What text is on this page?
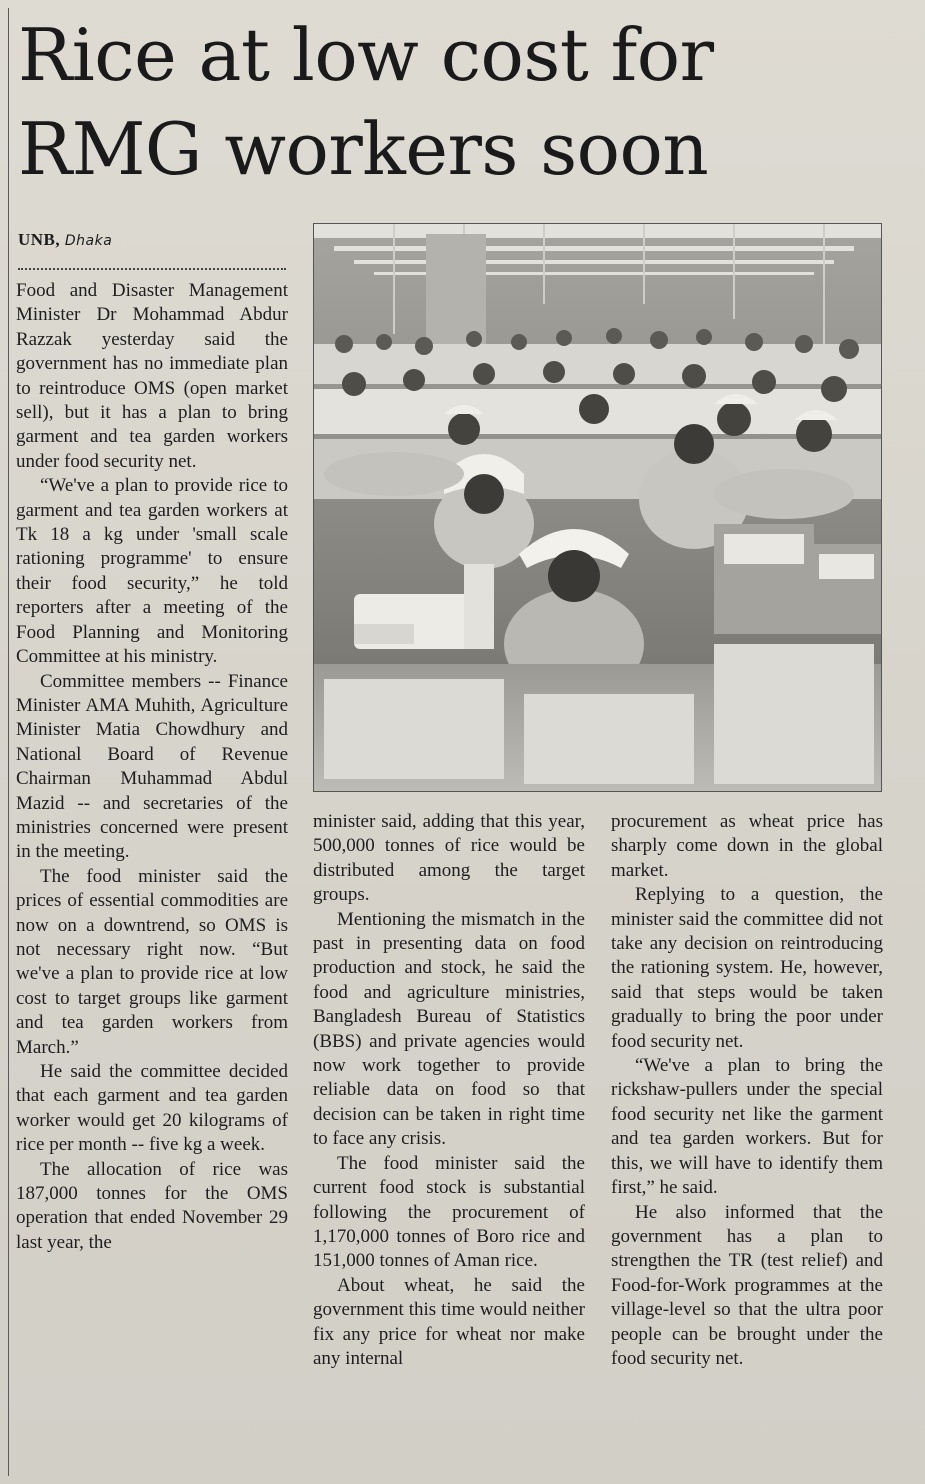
Rice at low cost for
RMG workers soon
UNB, Dhaka

Food and Disaster Management Minister Dr Mohammad Abdur Razzak yesterday said the government has no immediate plan to reintroduce OMS (open market sell), but it has a plan to bring garment and tea garden workers under food security net.

“We've a plan to provide rice to garment and tea garden workers at Tk 18 a kg under 'small scale rationing programme' to ensure their food security,” he told reporters after a meeting of the Food Planning and Monitoring Committee at his ministry.

Committee members -- Finance Minister AMA Muhith, Agriculture Minister Matia Chowdhury and National Board of Revenue Chairman Muhammad Abdul Mazid -- and secretaries of the ministries concerned were present in the meeting.

The food minister said the prices of essential commodities are now on a downtrend, so OMS is not necessary right now. “But we've a plan to provide rice at low cost to target groups like garment and tea garden workers from March.”

He said the committee decided that each garment and tea garden worker would get 20 kilograms of rice per month -- five kg a week.

The allocation of rice was 187,000 tonnes for the OMS operation that ended November 29 last year, the

minister said, adding that this year, 500,000 tonnes of rice would be distributed among the target groups.

Mentioning the mismatch in the past in presenting data on food production and stock, he said the food and agriculture ministries, Bangladesh Bureau of Statistics (BBS) and private agencies would now work together to provide reliable data on food so that decision can be taken in right time to face any crisis.

The food minister said the current food stock is substantial following the procurement of 1,170,000 tonnes of Boro rice and 151,000 tonnes of Aman rice.

About wheat, he said the government this time would neither fix any price for wheat nor make any internal

procurement as wheat price has sharply come down in the global market.

Replying to a question, the minister said the committee did not take any decision on reintroducing the rationing system. He, however, said that steps would be taken gradually to bring the poor under food security net.

“We've a plan to bring the rickshaw-pullers under the special food security net like the garment and tea garden workers. But for this, we will have to identify them first,” he said.

He also informed that the government has a plan to strengthen the TR (test relief) and Food-for-Work programmes at the village-level so that the ultra poor people can be brought under the food security net.
